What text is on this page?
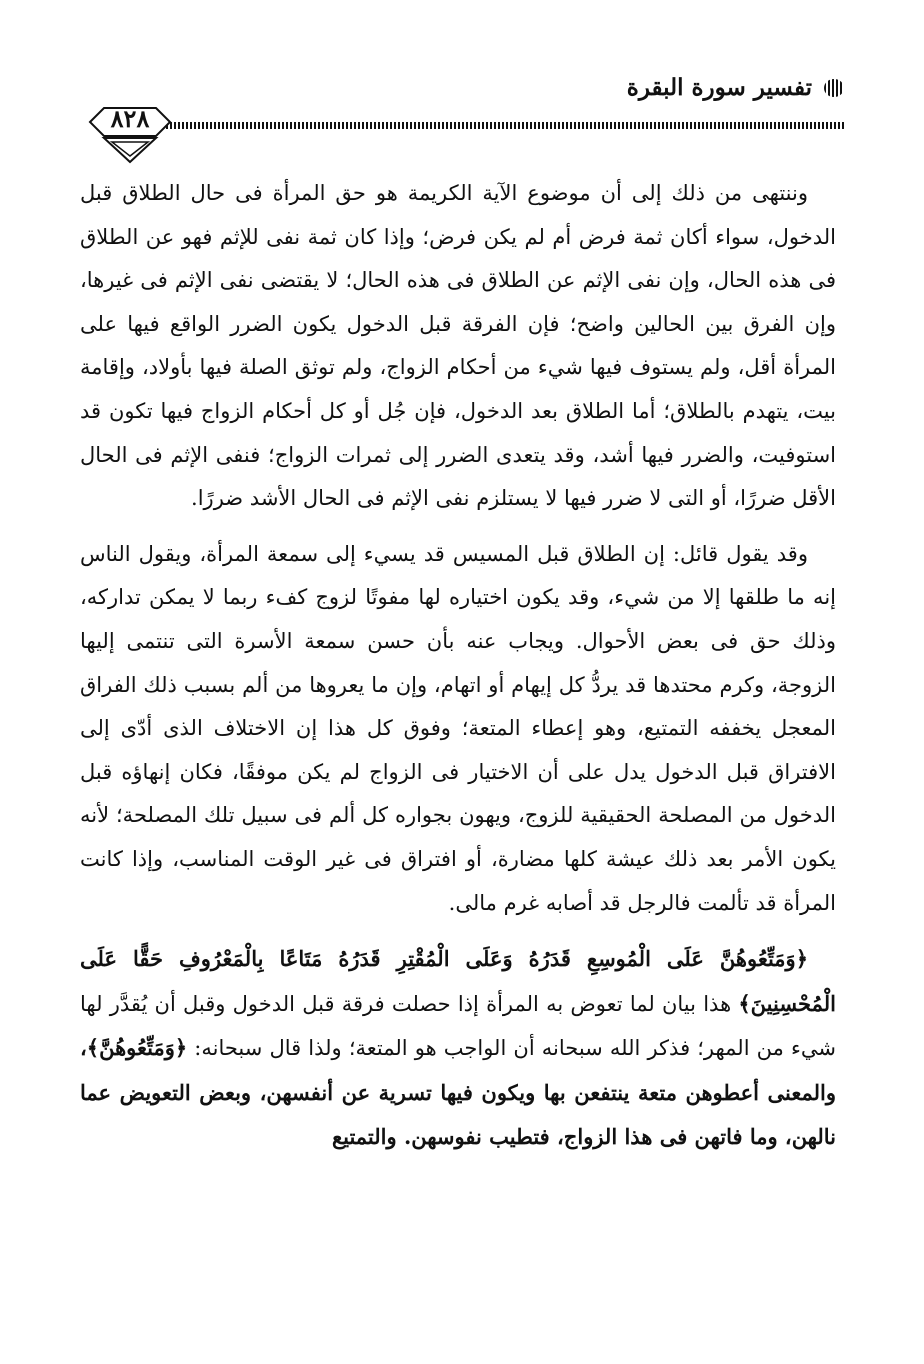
تفسير سورة البقرة
٨٢٨

وننتهى من ذلك إلى أن موضوع الآية الكريمة هو حق المرأة فى حال الطلاق قبل الدخول، سواء أكان ثمة فرض أم لم يكن فرض؛ وإذا كان ثمة نفى للإثم فهو عن الطلاق فى هذه الحال، وإن نفى الإثم عن الطلاق فى هذه الحال؛ لا يقتضى نفى الإثم فى غيرها، وإن الفرق بين الحالين واضح؛ فإن الفرقة قبل الدخول يكون الضرر الواقع فيها على المرأة أقل، ولم يستوف فيها شيء من أحكام الزواج، ولم توثق الصلة فيها بأولاد، وإقامة بيت، يتهدم بالطلاق؛ أما الطلاق بعد الدخول، فإن جُل أو كل أحكام الزواج فيها تكون قد استوفيت، والضرر فيها أشد، وقد يتعدى الضرر إلى ثمرات الزواج؛ فنفى الإثم فى الحال الأقل ضررًا، أو التى لا ضرر فيها لا يستلزم نفى الإثم فى الحال الأشد ضررًا.

وقد يقول قائل: إن الطلاق قبل المسيس قد يسيء إلى سمعة المرأة، ويقول الناس إنه ما طلقها إلا من شيء، وقد يكون اختياره لها مفوتًا لزوج كفء ربما لا يمكن تداركه، وذلك حق فى بعض الأحوال. ويجاب عنه بأن حسن سمعة الأسرة التى تنتمى إليها الزوجة، وكرم محتدها قد يردُّ كل إيهام أو اتهام، وإن ما يعروها من ألم بسبب ذلك الفراق المعجل يخففه التمتيع، وهو إعطاء المتعة؛ وفوق كل هذا إن الاختلاف الذى أدّى إلى الافتراق قبل الدخول يدل على أن الاختيار فى الزواج لم يكن موفقًا، فكان إنهاؤه قبل الدخول من المصلحة الحقيقية للزوج، ويهون بجواره كل ألم فى سبيل تلك المصلحة؛ لأنه يكون الأمر بعد ذلك عيشة كلها مضارة، أو افتراق فى غير الوقت المناسب، وإذا كانت المرأة قد تألمت فالرجل قد أصابه غرم مالى.

﴿وَمَتِّعُوهُنَّ عَلَى الْمُوسِعِ قَدَرُهُ وَعَلَى الْمُقْتِرِ قَدَرُهُ مَتَاعًا بِالْمَعْرُوفِ حَقًّا عَلَى الْمُحْسِنِينَ﴾ هذا بيان لما تعوض به المرأة إذا حصلت فرقة قبل الدخول وقبل أن يُقدَّر لها شيء من المهر؛ فذكر الله سبحانه أن الواجب هو المتعة؛ ولذا قال سبحانه: ﴿وَمَتِّعُوهُنَّ﴾، والمعنى أعطوهن متعة ينتفعن بها ويكون فيها تسرية عن أنفسهن، وبعض التعويض عما نالهن، وما فاتهن فى هذا الزواج، فتطيب نفوسهن. والتمتيع
